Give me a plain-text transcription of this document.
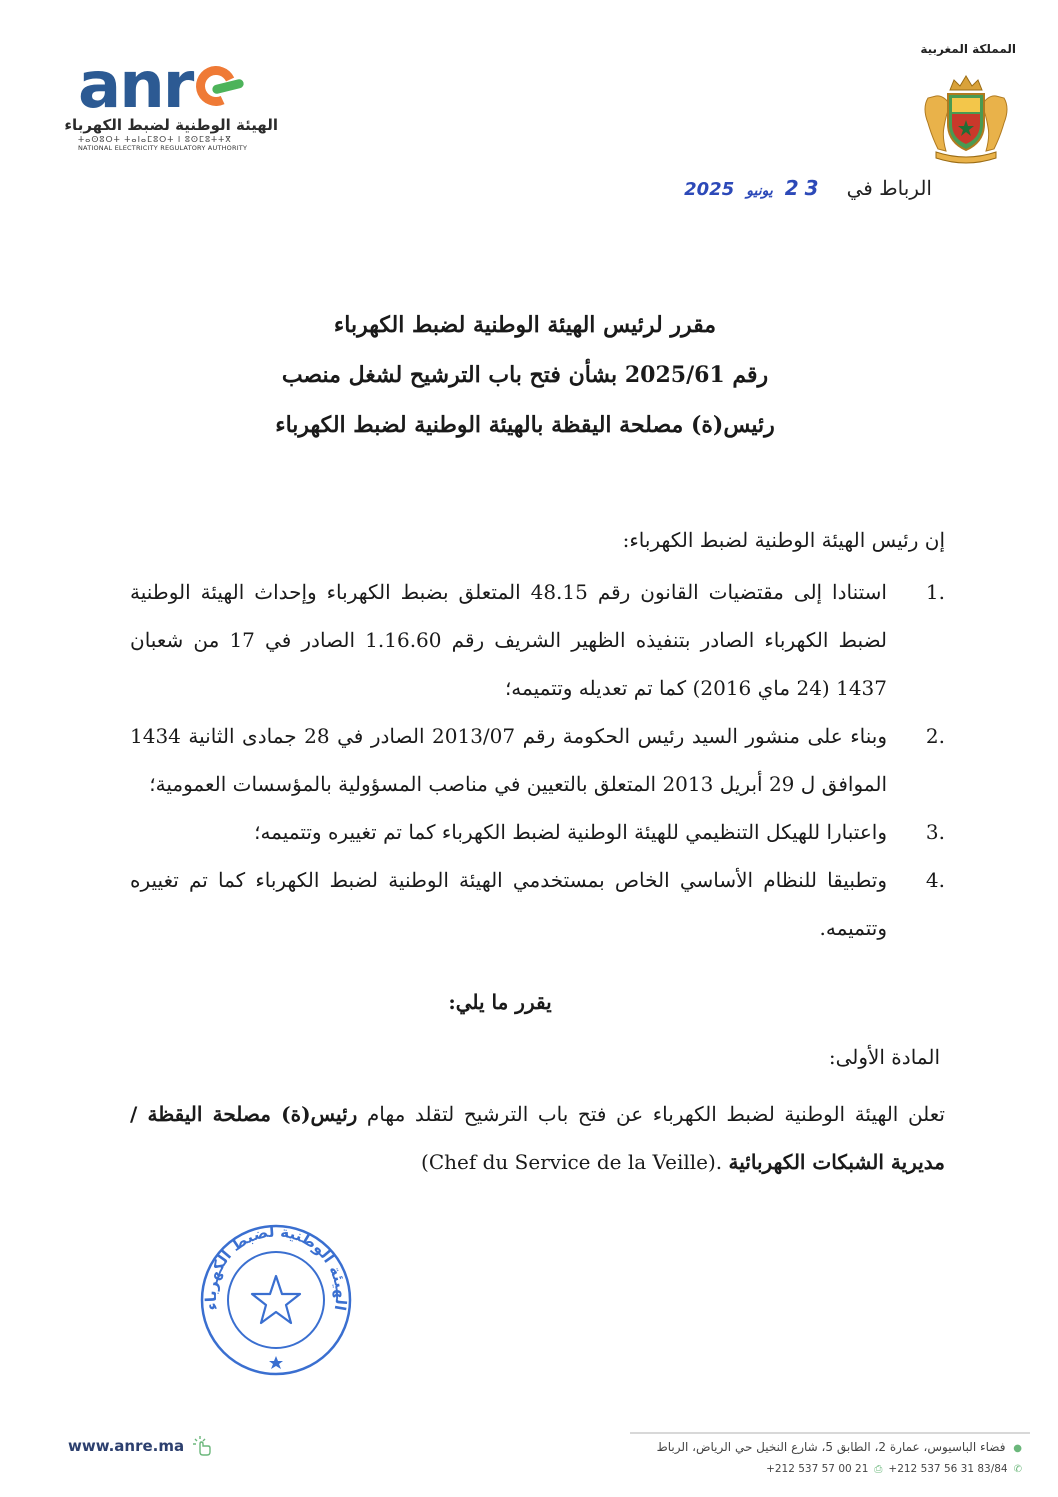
anr
الهيئة الوطنية لضبط الكهرباء
ⵜⴰⵙⵓⵔⵜ ⵜⴰⵏⴰⵎⵓⵔⵜ ⵏ ⵓⵙⵎⵓⵜⵜⴳ
NATIONAL ELECTRICITY REGULATORY AUTHORITY
المملكة المغربية
الرباط في
2025 يونيو 23
مقرر لرئيس الهيئة الوطنية لضبط الكهرباء
رقم 2025/61 بشأن فتح باب الترشيح لشغل منصب
رئيس(ة) مصلحة اليقظة بالهيئة الوطنية لضبط الكهرباء
إن رئيس الهيئة الوطنية لضبط الكهرباء:
1.
استنادا إلى مقتضيات القانون رقم 48.15 المتعلق بضبط الكهرباء وإحداث الهيئة الوطنية لضبط الكهرباء الصادر بتنفيذه الظهير الشريف رقم 1.16.60 الصادر في 17 من شعبان 1437 (24 ماي 2016) كما تم تعديله وتتميمه؛
2.
وبناء على منشور السيد رئيس الحكومة رقم 2013/07 الصادر في 28 جمادى الثانية 1434 الموافق ل 29 أبريل 2013 المتعلق بالتعيين في مناصب المسؤولية بالمؤسسات العمومية؛
3.
واعتبارا للهيكل التنظيمي للهيئة الوطنية لضبط الكهرباء كما تم تغييره وتتميمه؛
4.
وتطبيقا للنظام الأساسي الخاص بمستخدمي الهيئة الوطنية لضبط الكهرباء كما تم تغييره وتتميمه.
يقرر ما يلي:
المادة الأولى:
تعلن الهيئة الوطنية لضبط الكهرباء عن فتح باب الترشيح لتقلد مهام رئيس(ة) مصلحة اليقظة /مديرية الشبكات الكهربائية (Chef du Service de la Veille).
الهيئة الوطنية لضبط الكهرباء
www.anre.ma	● فضاء الباسيوس، عمارة 2، الطابق 5، شارع النخيل حي الرياض، الرباط
+212 537 57 00 21 ⎙ +212 537 56 31 83/84 ✆
